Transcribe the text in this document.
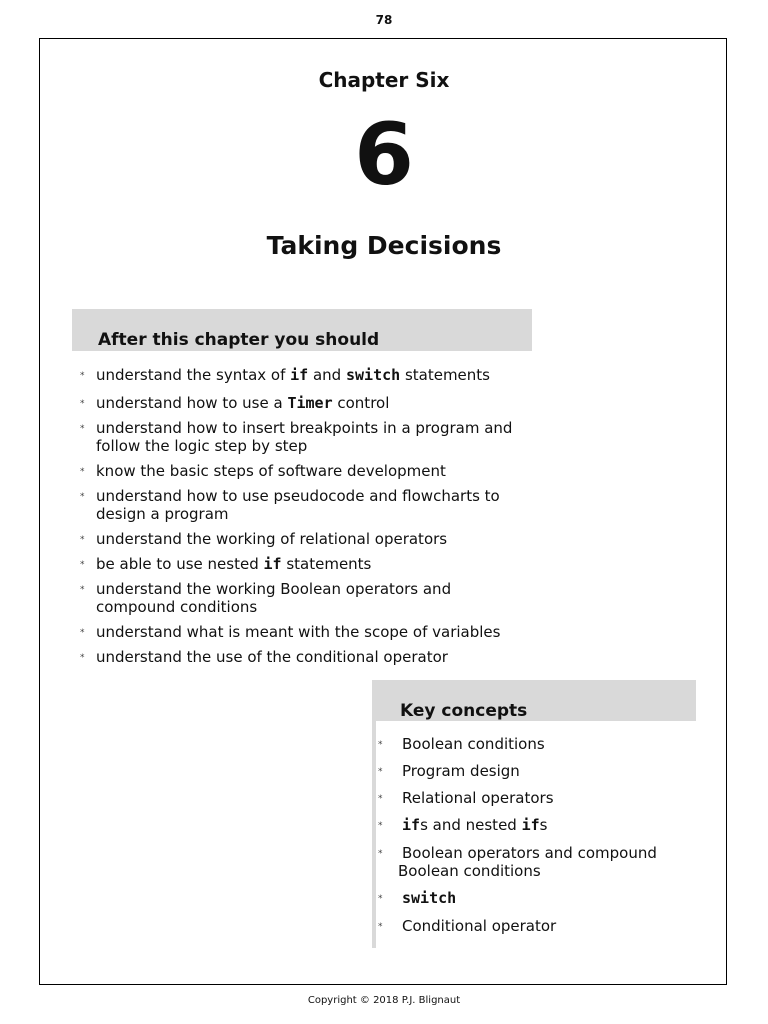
78
Chapter Six
6
Taking Decisions
After this chapter you should
* understand the syntax of if and switch statements
* understand how to use a Timer control
* understand how to insert breakpoints in a program and
follow the logic step by step
* know the basic steps of software development
* understand how to use pseudocode and flowcharts to
design a program
* understand the working of relational operators
* be able to use nested if statements
* understand the working Boolean operators and
compound conditions
* understand what is meant with the scope of variables
* understand the use of the conditional operator
Key concepts
* Boolean conditions
* Program design
* Relational operators
* ifs and nested ifs
* Boolean operators and compound
Boolean conditions
* switch
* Conditional operator
Copyright © 2018 P.J. Blignaut
